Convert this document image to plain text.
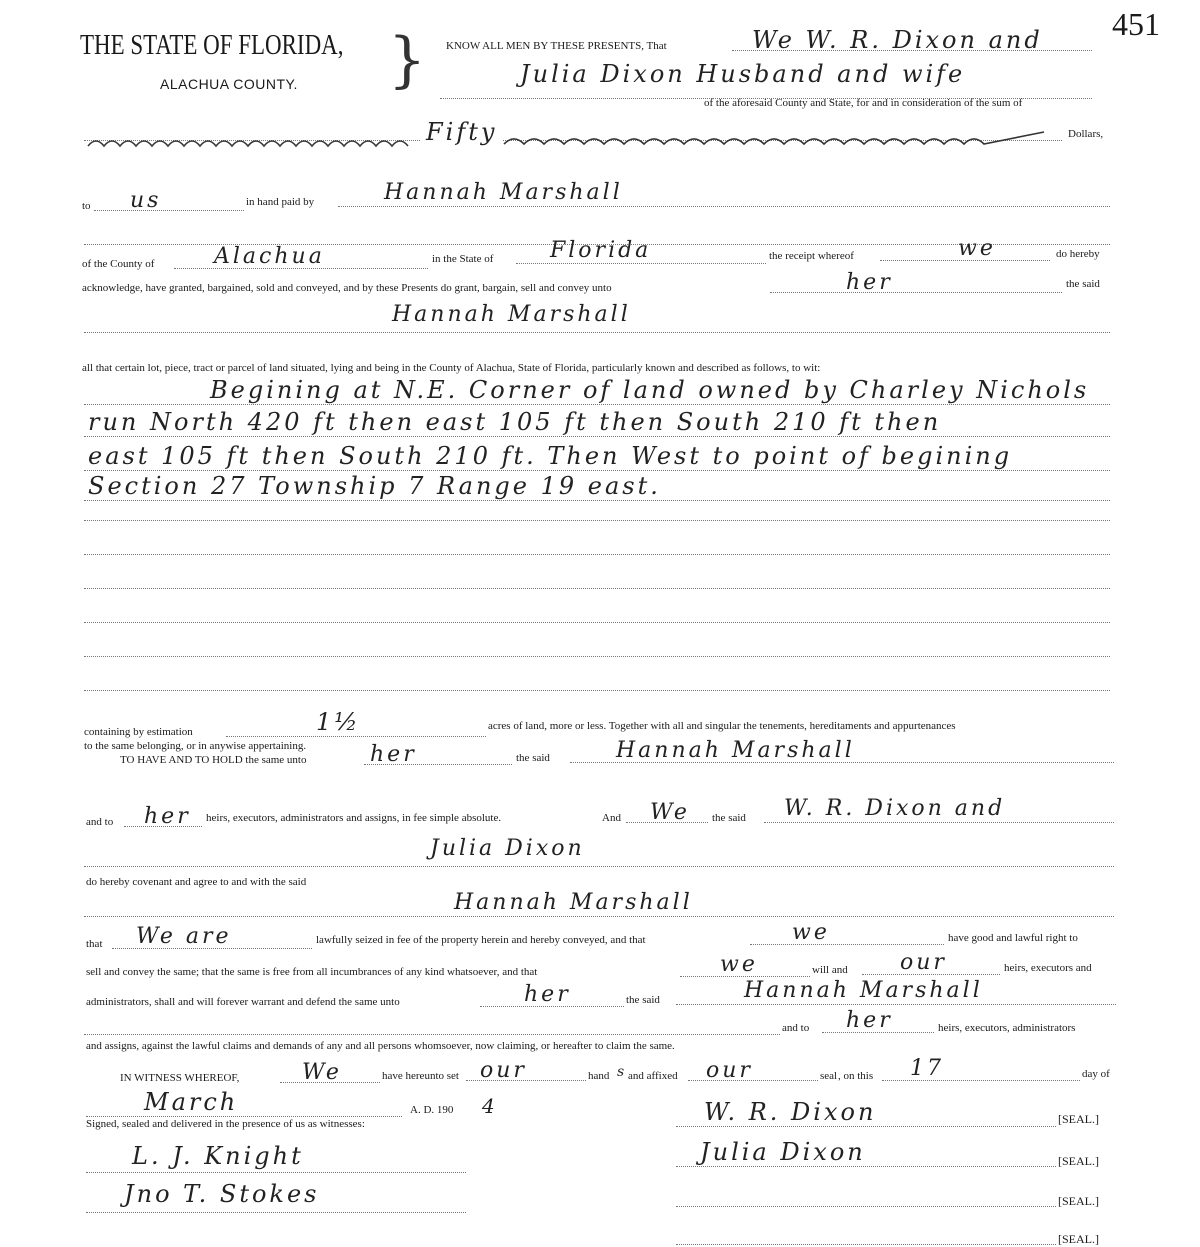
THE STATE OF FLORIDA, }
ALACHUA COUNTY.
451
KNOW ALL MEN BY THESE PRESENTS, That	We W. R. Dixon and
Julia Dixon Husband and wife
of the aforesaid County and State, for and in consideration of the sum of
Fifty	Dollars,
to us	in hand paid by	Hannah Marshall
of the County of	Alachua	in the State of	Florida	the receipt whereof	we	do hereby
acknowledge, have granted, bargained, sold and conveyed, and by these Presents do grant, bargain, sell and convey unto	her	the said
Hannah Marshall
all that certain lot, piece, tract or parcel of land situated, lying and being in the County of Alachua, State of Florida, particularly known and described as follows, to wit:
Begining at N.E. Corner of land owned by Charley Nichols
run North 420 ft then east 105 ft then South 210 ft then
east 105 ft then South 210 ft. Then West to point of begining
Section 27 Township 7 Range 19 east.
containing by estimation	1½	acres of land, more or less. Together with all and singular the tenements, hereditaments and appurtenances
to the same belonging, or in anywise appertaining.
TO HAVE AND TO HOLD the same unto	her	the said	Hannah Marshall
and to her heirs, executors, administrators and assigns, in fee simple absolute.	And We the said W. R. Dixon and
Julia Dixon
do hereby covenant and agree to and with the said
Hannah Marshall
that We are	lawfully seized in fee of the property herein and hereby conveyed, and that	we	have good and lawful right to
sell and convey the same; that the same is free from all incumbrances of any kind whatsoever, and that	we	will and our	heirs, executors and
administrators, shall and will forever warrant and defend the same unto	her	the said	Hannah Marshall
and to her	heirs, executors, administrators
and assigns, against the lawful claims and demands of any and all persons whomsoever, now claiming, or hereafter to claim the same.
IN WITNESS WHEREOF,	We	have hereunto set our	hand s and affixed our	seal , on this 17	day of
March	A. D. 190 4
Signed, sealed and delivered in the presence of us as witnesses:	W. R. Dixon	[SEAL.]
Julia Dixon	[SEAL.]
[SEAL.]
[SEAL.]
L. J. Knight
Jno T. Stokes
